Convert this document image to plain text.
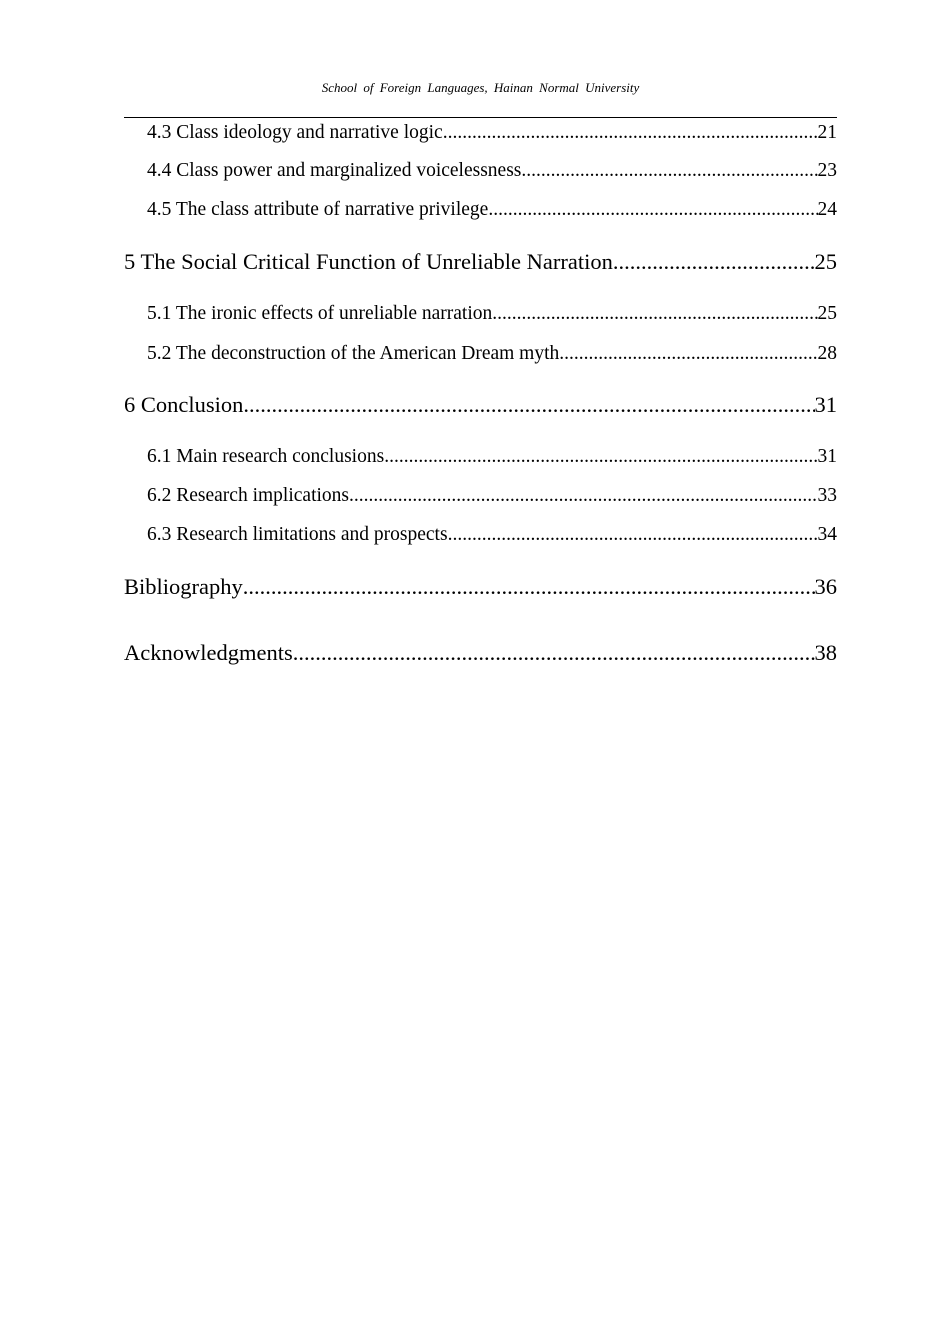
School of Foreign Languages, Hainan Normal University
4.3 Class ideology and narrative logic .....	21
4.4 Class power and marginalized voicelessness .....	23
4.5 The class attribute of narrative privilege .....	24
5 The Social Critical Function of Unreliable Narration .....	25
5.1 The ironic effects of unreliable narration .....	25
5.2 The deconstruction of the American Dream myth .....	28
6 Conclusion .....	31
6.1 Main research conclusions .....	31
6.2 Research implications .....	33
6.3 Research limitations and prospects .....	34
Bibliography .....	36
Acknowledgments .....	38
